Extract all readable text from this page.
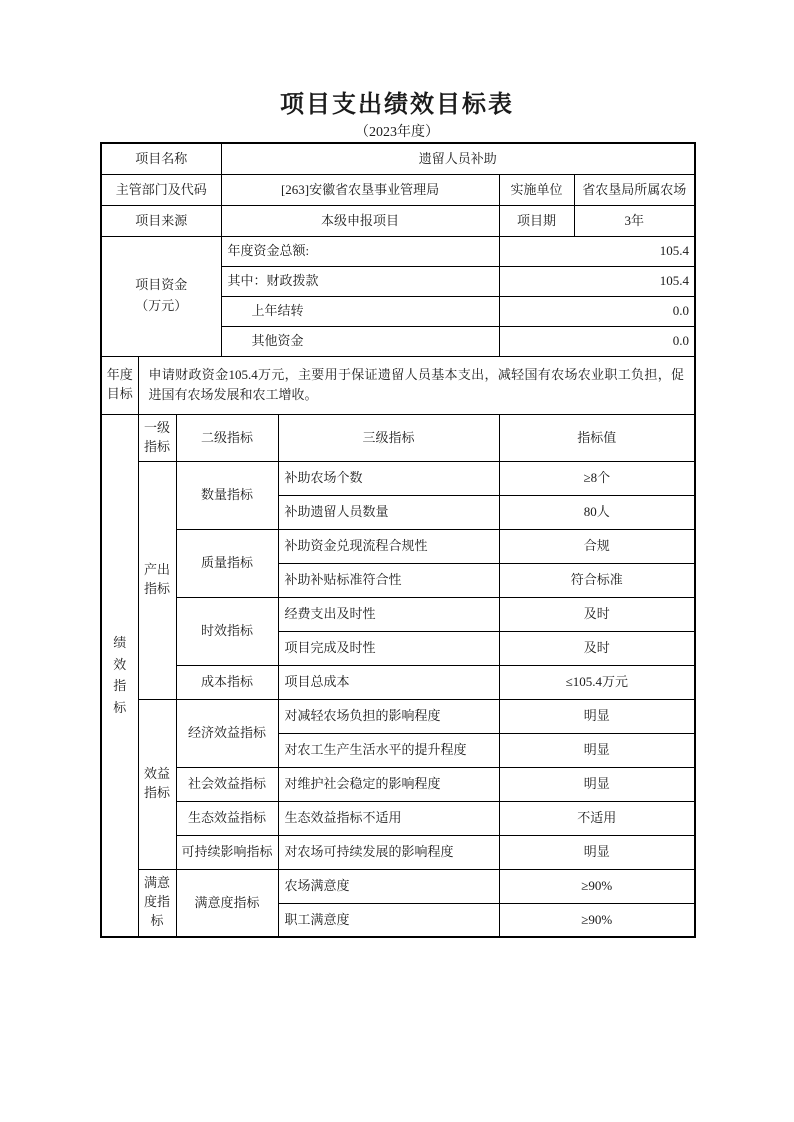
项目支出绩效目标表
（2023年度）
项目名称			遗留人员补助			
主管部门及代码			[263]安徽省农垦事业管理局		实施单位	省农垦局所属农场
项目来源			本级申报项目		项目期	3年

项目资金（万元）			年度资金总额:		105.4	
			其中：财政拨款		105.4	
			上年结转		0.0	
			其他资金		0.0	

年度目标	申请财政资金105.4万元，主要用于保证遗留人员基本支出，减轻国有农场农业职工负担，促进国有农场发展和农工增收。					

绩效指标	一级指标	二级指标		三级指标	指标值	

	产出指标	数量指标		补助农场个数	≥8个	
				补助遗留人员数量	80人	
		质量指标		补助资金兑现流程合规性	合规	
				补助补贴标准符合性	符合标准	
		时效指标		经费支出及时性	及时	
				项目完成及时性	及时	
		成本指标		项目总成本	≤105.4万元	

	效益指标	经济效益指标		对减轻农场负担的影响程度	明显	
				对农工生产生活水平的提升程度	明显	
		社会效益指标		对维护社会稳定的影响程度	明显	
		生态效益指标		生态效益指标不适用	不适用	
		可持续影响指标		对农场可持续发展的影响程度	明显	

	满意度指标	满意度指标		农场满意度	≥90%	
				职工满意度	≥90%	
